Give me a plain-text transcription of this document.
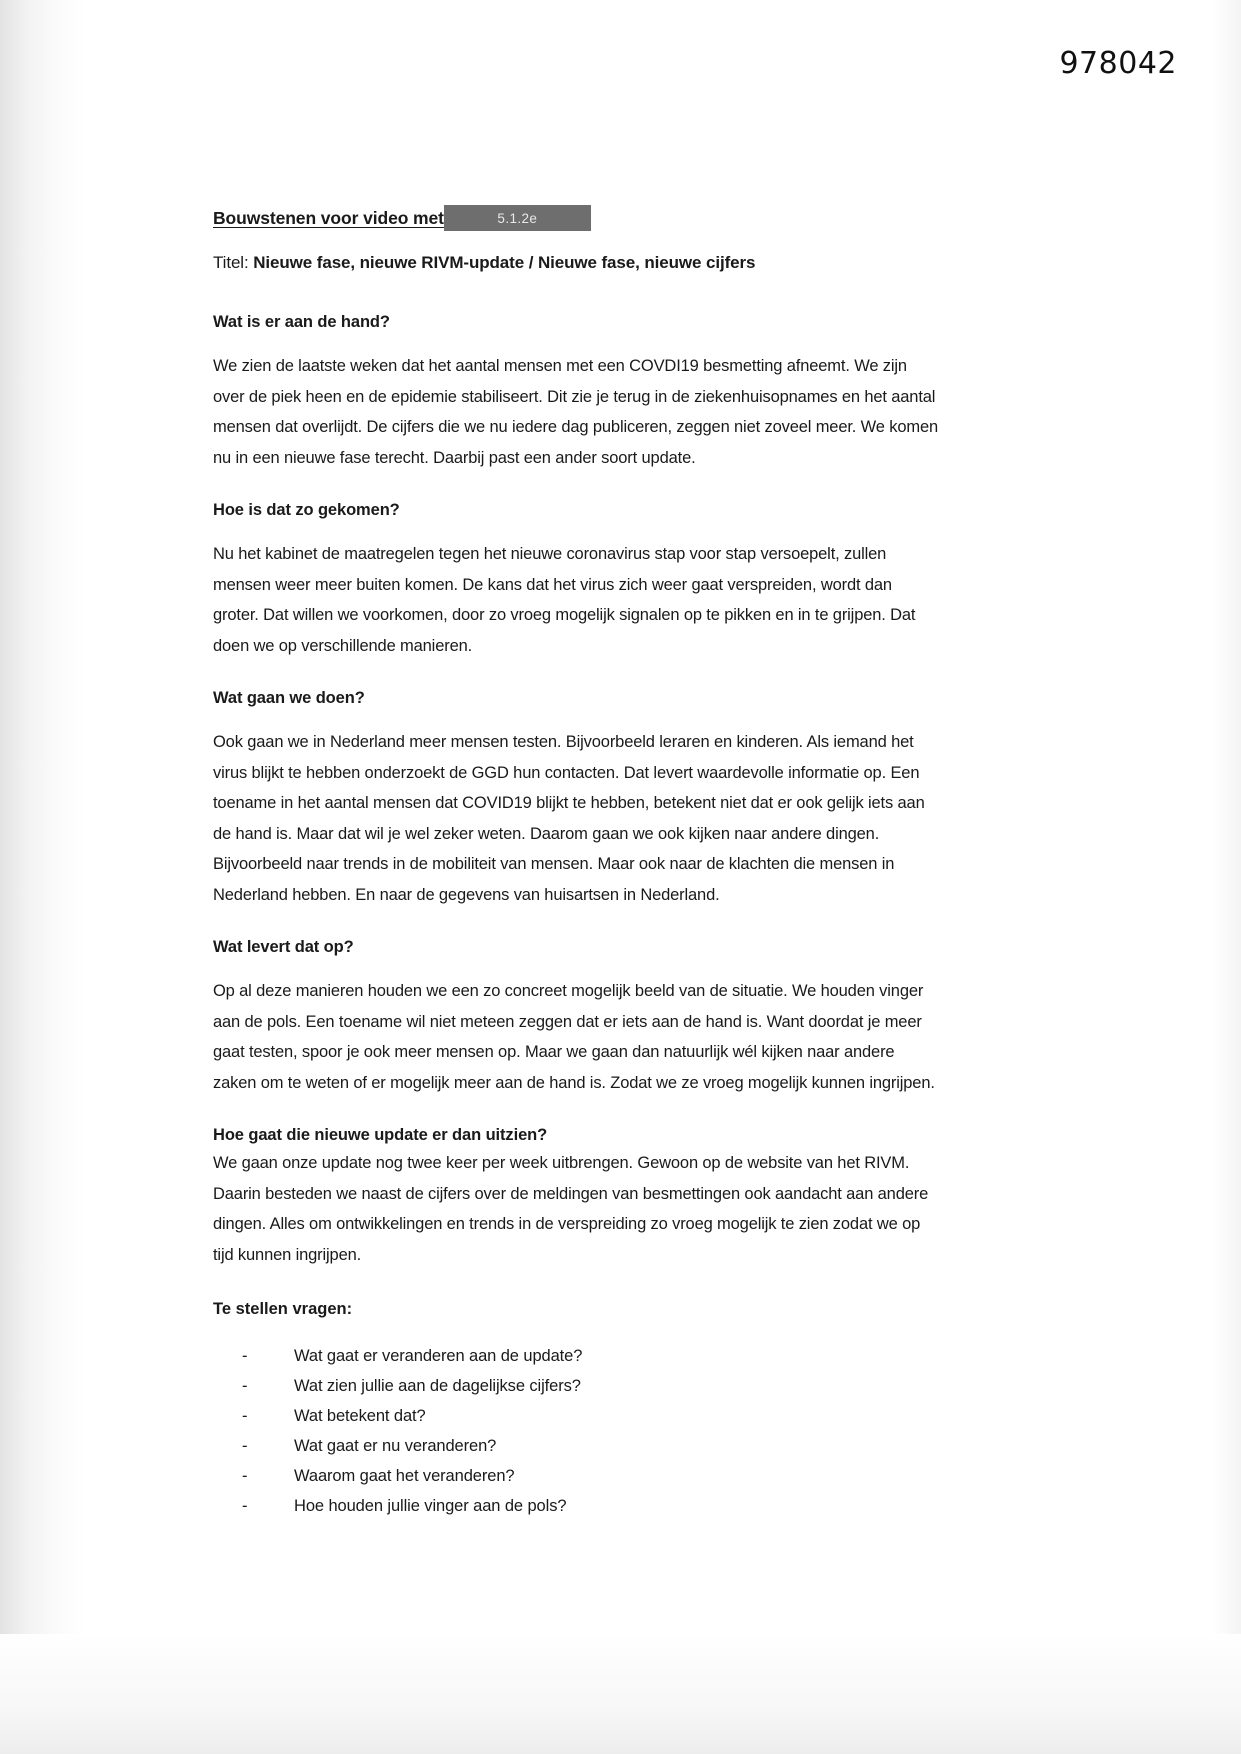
978042
Bouwstenen voor video met	5.1.2e
Titel: Nieuwe fase, nieuwe RIVM-update / Nieuwe fase, nieuwe cijfers
Wat is er aan de hand?

We zien de laatste weken dat het aantal mensen met een COVDI19 besmetting afneemt. We zijn over de piek heen en de epidemie stabiliseert. Dit zie je terug in de ziekenhuisopnames en het aantal mensen dat overlijdt. De cijfers die we nu iedere dag publiceren, zeggen niet zoveel meer. We komen nu in een nieuwe fase terecht. Daarbij past een ander soort update.

Hoe is dat zo gekomen?

Nu het kabinet de maatregelen tegen het nieuwe coronavirus stap voor stap versoepelt, zullen mensen weer meer buiten komen. De kans dat het virus zich weer gaat verspreiden, wordt dan groter. Dat willen we voorkomen, door zo vroeg mogelijk signalen op te pikken en in te grijpen. Dat doen we op verschillende manieren.

Wat gaan we doen?

Ook gaan we in Nederland meer mensen testen. Bijvoorbeeld leraren en kinderen. Als iemand het virus blijkt te hebben onderzoekt de GGD hun contacten. Dat levert waardevolle informatie op. Een toename in het aantal mensen dat COVID19 blijkt te hebben, betekent niet dat er ook gelijk iets aan de hand is. Maar dat wil je wel zeker weten. Daarom gaan we ook kijken naar andere dingen. Bijvoorbeeld naar trends in de mobiliteit van mensen. Maar ook naar de klachten die mensen in Nederland hebben. En naar de gegevens van huisartsen in Nederland.

Wat levert dat op?

Op al deze manieren houden we een zo concreet mogelijk beeld van de situatie. We houden vinger aan de pols. Een toename wil niet meteen zeggen dat er iets aan de hand is. Want doordat je meer gaat testen, spoor je ook meer mensen op. Maar we gaan dan natuurlijk wél kijken naar andere zaken om te weten of er mogelijk meer aan de hand is. Zodat we ze vroeg mogelijk kunnen ingrijpen.

Hoe gaat die nieuwe update er dan uitzien?

We gaan onze update nog twee keer per week uitbrengen. Gewoon op de website van het RIVM. Daarin besteden we naast de cijfers over de meldingen van besmettingen ook aandacht aan andere dingen. Alles om ontwikkelingen en trends in de verspreiding zo vroeg mogelijk te zien zodat we op tijd kunnen ingrijpen.

Te stellen vragen:
-	Wat gaat er veranderen aan de update?
-	Wat zien jullie aan de dagelijkse cijfers?
-	Wat betekent dat?
-	Wat gaat er nu veranderen?
-	Waarom gaat het veranderen?
-	Hoe houden jullie vinger aan de pols?
